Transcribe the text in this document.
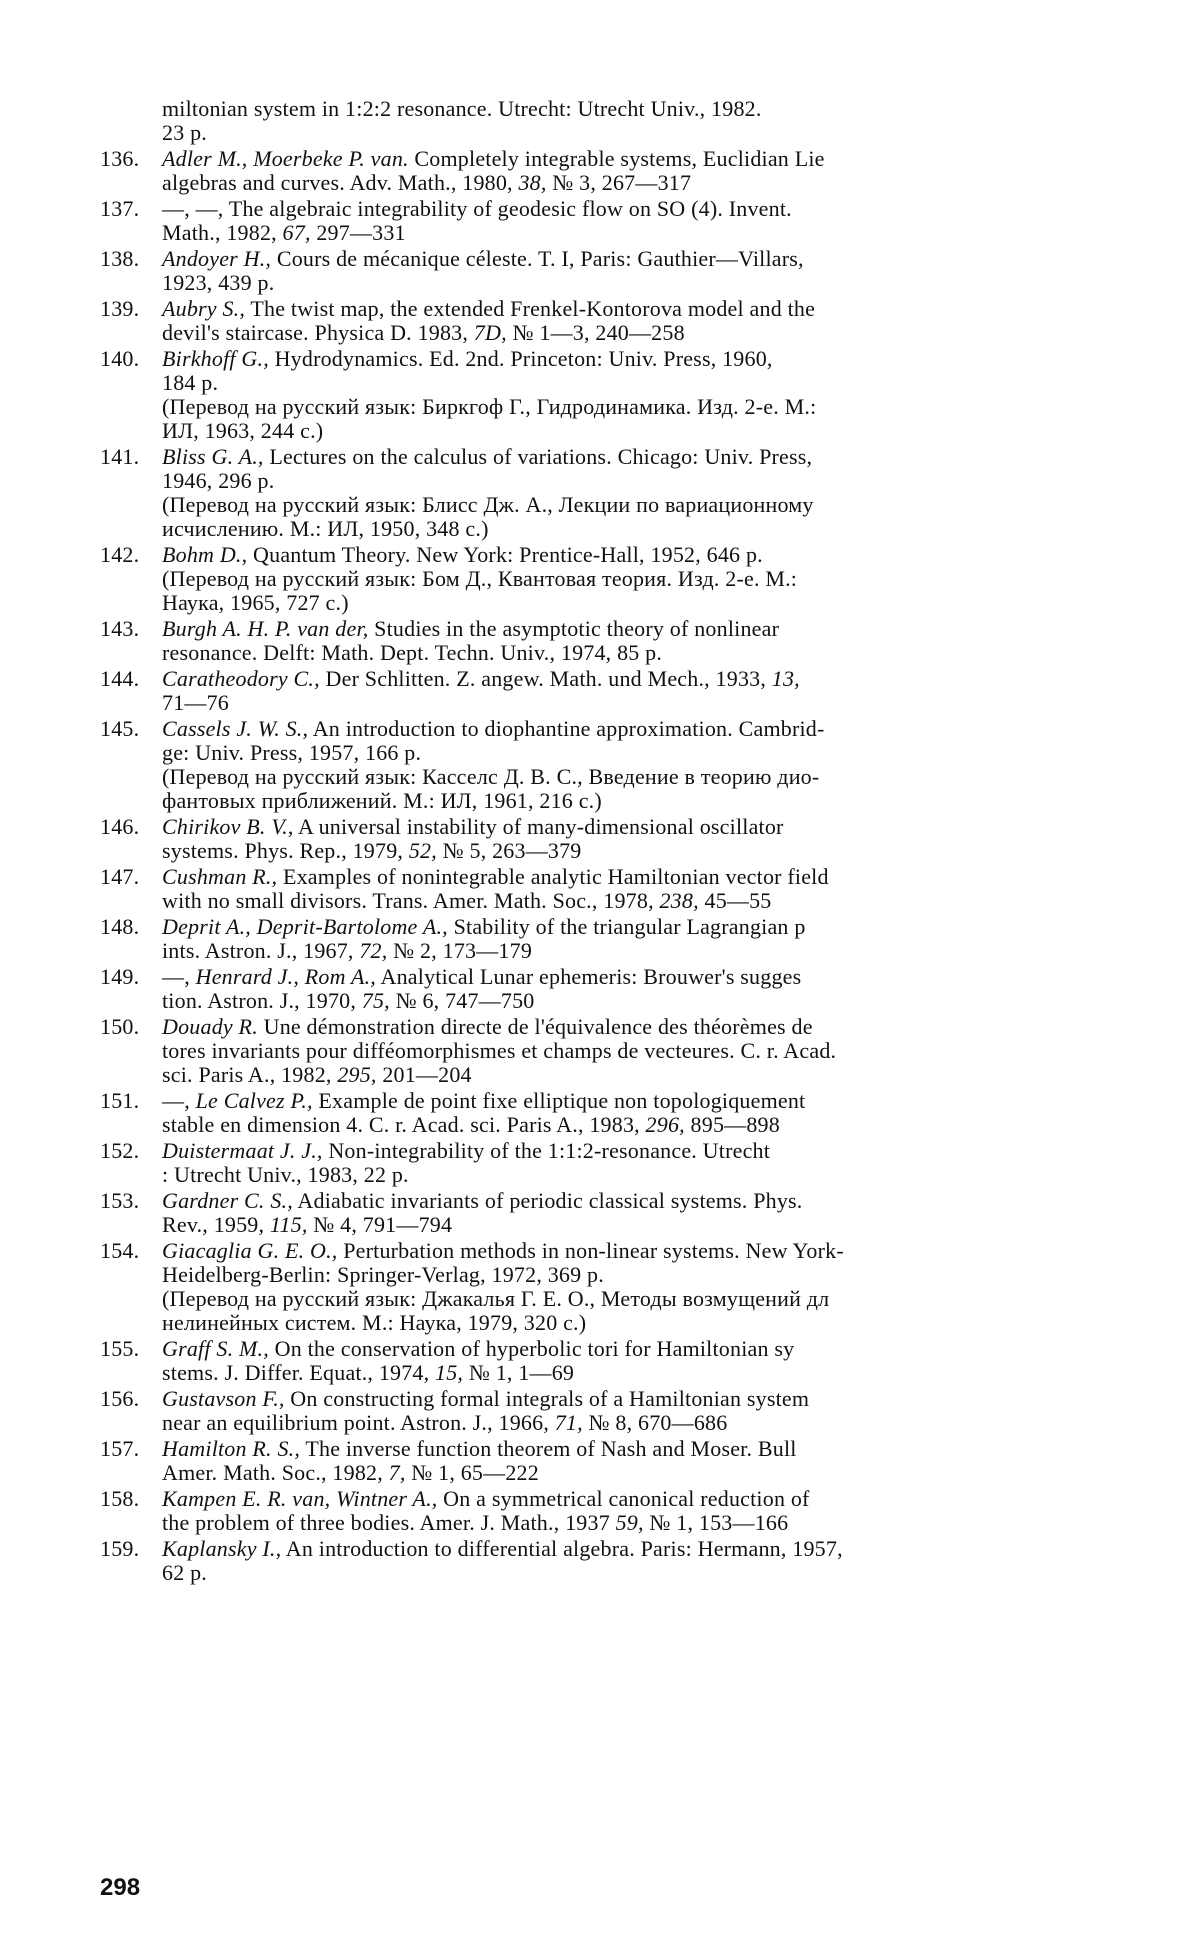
miltonian system in 1:2:2 resonance. Utrecht: Utrecht Univ., 1982.
23 p.
136.	Adler M., Moerbeke P. van. Completely integrable systems, Euclidian Lie
algebras and curves. Adv. Math., 1980, 38, № 3, 267—317
137.	—, —, The algebraic integrability of geodesic flow on SO (4). Invent.
Math., 1982, 67, 297—331
138.	Andoyer H., Cours de mécanique céleste. T. I, Paris: Gauthier—Villars,
1923, 439 p.
139.	Aubry S., The twist map, the extended Frenkel-Kontorova model and the
devil's staircase. Physica D. 1983, 7D, № 1—3, 240—258
140.	Birkhoff G., Hydrodynamics. Ed. 2nd. Princeton: Univ. Press, 1960,
184 p.
(Перевод на русский язык: Биркгоф Г., Гидродинамика. Изд. 2-е. М.:
ИЛ, 1963, 244 с.)
141.	Bliss G. A., Lectures on the calculus of variations. Chicago: Univ. Press,
1946, 296 p.
(Перевод на русский язык: Блисс Дж. А., Лекции по вариационному
исчислению. М.: ИЛ, 1950, 348 с.)
142.	Bohm D., Quantum Theory. New York: Prentice-Hall, 1952, 646 p.
(Перевод на русский язык: Бом Д., Квантовая теория. Изд. 2-е. М.:
Наука, 1965, 727 с.)
143.	Burgh A. H. P. van der, Studies in the asymptotic theory of nonlinear
resonance. Delft: Math. Dept. Techn. Univ., 1974, 85 p.
144.	Caratheodory C., Der Schlitten. Z. angew. Math. und Mech., 1933, 13,
71—76
145.	Cassels J. W. S., An introduction to diophantine approximation. Cambrid-
ge: Univ. Press, 1957, 166 p.
(Перевод на русский язык: Касселс Д. В. С., Введение в теорию дио-
фантовых приближений. М.: ИЛ, 1961, 216 с.)
146.	Chirikov B. V., A universal instability of many-dimensional oscillator
systems. Phys. Rep., 1979, 52, № 5, 263—379
147.	Cushman R., Examples of nonintegrable analytic Hamiltonian vector field
with no small divisors. Trans. Amer. Math. Soc., 1978, 238, 45—55
148.	Deprit A., Deprit-Bartolome A., Stability of the triangular Lagrangian p
ints. Astron. J., 1967, 72, № 2, 173—179
149.	—, Henrard J., Rom A., Analytical Lunar ephemeris: Brouwer's sugges
tion. Astron. J., 1970, 75, № 6, 747—750
150.	Douady R. Une démonstration directe de l'équivalence des théorèmes de
tores invariants pour difféomorphismes et champs de vecteures. C. r. Acad.
sci. Paris A., 1982, 295, 201—204
151.	—, Le Calvez P., Example de point fixe elliptique non topologiquement
stable en dimension 4. C. r. Acad. sci. Paris A., 1983, 296, 895—898
152.	Duistermaat J. J., Non-integrability of the 1:1:2-resonance. Utrecht
: Utrecht Univ., 1983, 22 p.
153.	Gardner C. S., Adiabatic invariants of periodic classical systems. Phys.
Rev., 1959, 115, № 4, 791—794
154.	Giacaglia G. E. O., Perturbation methods in non-linear systems. New York-
Heidelberg-Berlin: Springer-Verlag, 1972, 369 p.
(Перевод на русский язык: Джакалья Г. Е. О., Методы возмущений дл
нелинейных систем. М.: Наука, 1979, 320 с.)
155.	Graff S. M., On the conservation of hyperbolic tori for Hamiltonian sy
stems. J. Differ. Equat., 1974, 15, № 1, 1—69
156.	Gustavson F., On constructing formal integrals of a Hamiltonian system
near an equilibrium point. Astron. J., 1966, 71, № 8, 670—686
157.	Hamilton R. S., The inverse function theorem of Nash and Moser. Bull
Amer. Math. Soc., 1982, 7, № 1, 65—222
158.	Kampen E. R. van, Wintner A., On a symmetrical canonical reduction of
the problem of three bodies. Amer. J. Math., 1937 59, № 1, 153—166
159.	Kaplansky I., An introduction to differential algebra. Paris: Hermann, 1957,
62 p.
298
